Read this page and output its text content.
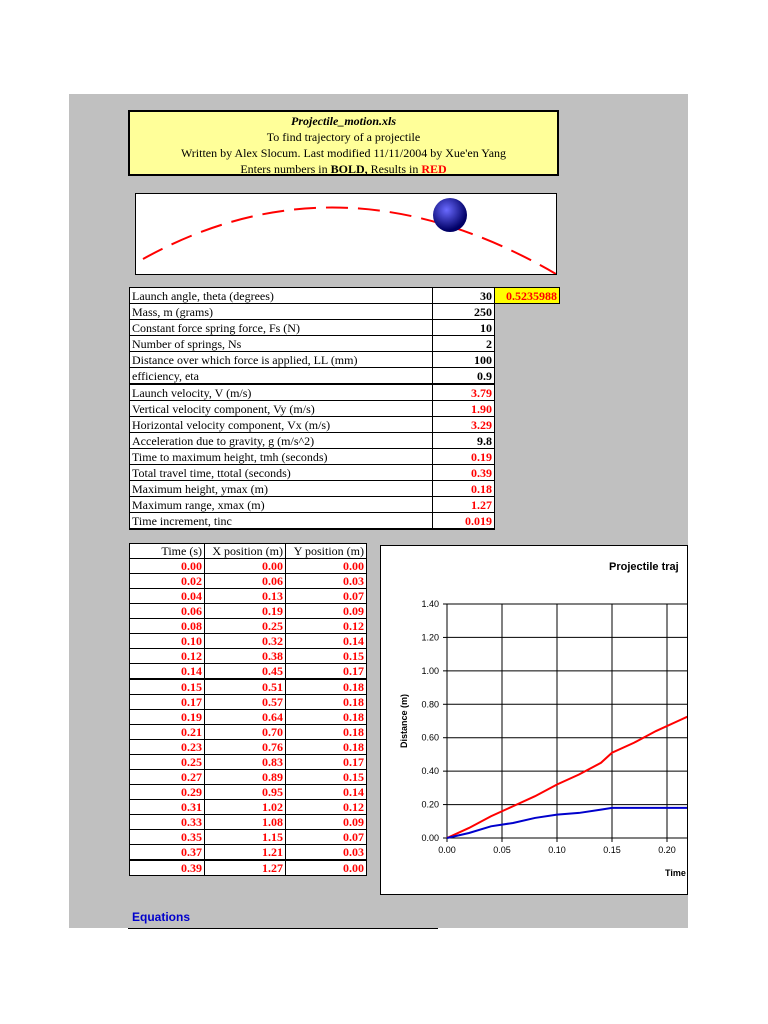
Projectile_motion.xls
To find trajectory of a projectile
Written by Alex Slocum. Last modified 11/11/2004 by Xue'en Yang
Enters numbers in BOLD, Results in RED
Launch angle, theta (degrees)	30	0.5235988
Mass, m (grams)	250	
Constant force spring force, Fs (N)	10	
Number of springs, Ns	2	
Distance over which force is applied, LL (mm)	100	
efficiency, eta	0.9	
Launch velocity, V (m/s)	3.79	
Vertical velocity component, Vy (m/s)	1.90	
Horizontal velocity component, Vx (m/s)	3.29	
Acceleration due to gravity, g (m/s^2)	9.8	
Time to maximum height, tmh (seconds)	0.19	
Total travel time, ttotal (seconds)	0.39	
Maximum height, ymax (m)	0.18	
Maximum range, xmax (m)	1.27	
Time increment, tinc	0.019	
Time (s)	X position (m)	Y position (m)
0.00	0.00	0.00
0.02	0.06	0.03
0.04	0.13	0.07
0.06	0.19	0.09
0.08	0.25	0.12
0.10	0.32	0.14
0.12	0.38	0.15
0.14	0.45	0.17
0.15	0.51	0.18
0.17	0.57	0.18
0.19	0.64	0.18
0.21	0.70	0.18
0.23	0.76	0.18
0.25	0.83	0.17
0.27	0.89	0.15
0.29	0.95	0.14
0.31	1.02	0.12
0.33	1.08	0.09
0.35	1.15	0.07
0.37	1.21	0.03
0.39	1.27	0.00
Projectile traj
0.00
0.20
0.40
0.60
0.80
1.00
1.20
1.40
0.00	0.05	0.10	0.15	0.20
Distance (m)
Time
Equations
